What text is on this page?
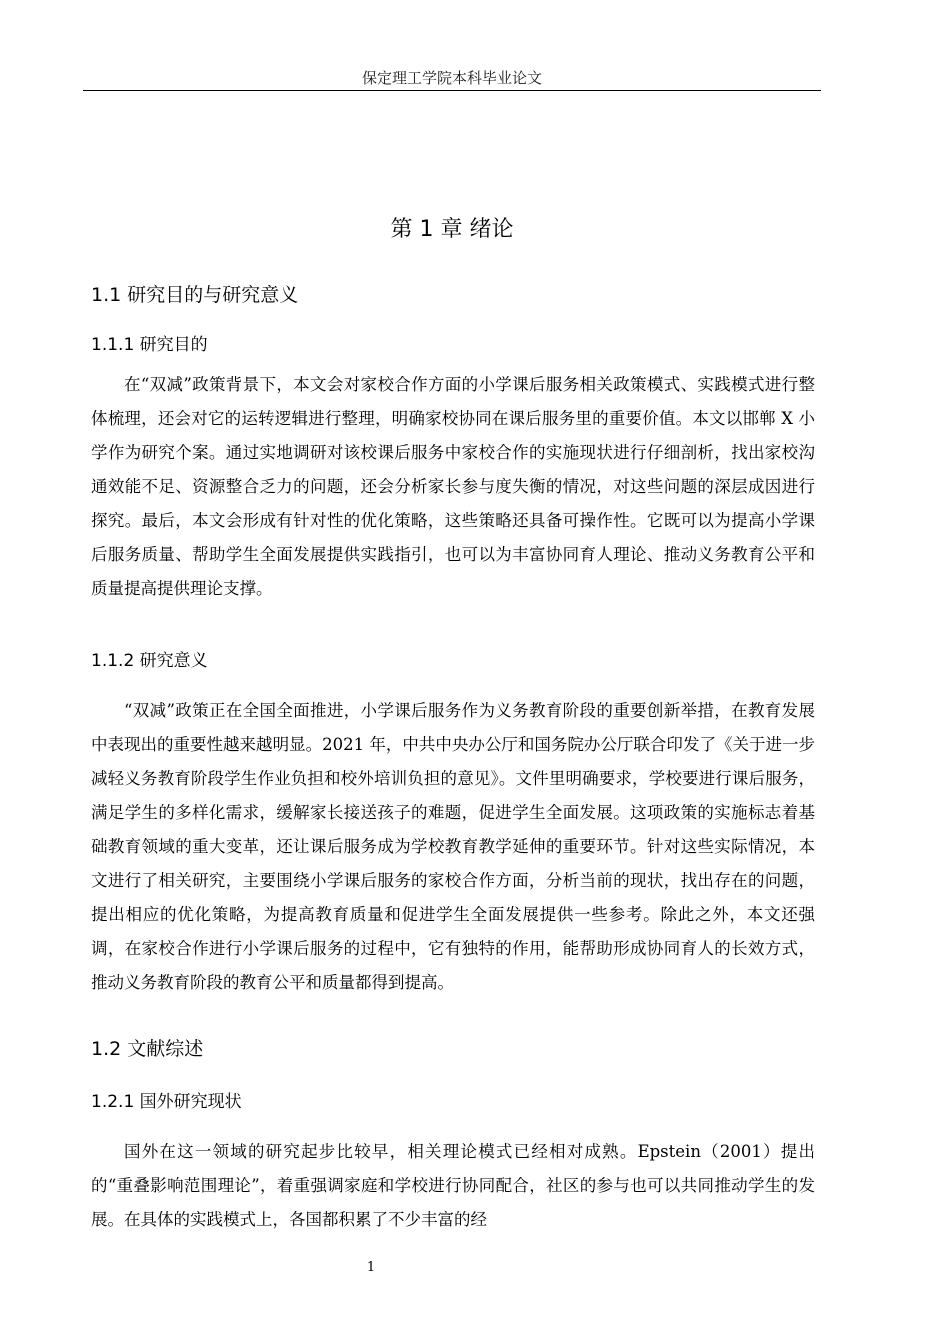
保定理工学院本科毕业论文
第 1 章 绪论
1.1 研究目的与研究意义
1.1.1 研究目的

在“双减”政策背景下，本文会对家校合作方面的小学课后服务相关政策模式、实践模式进行整体梳理，还会对它的运转逻辑进行整理，明确家校协同在课后服务里的重要价值。本文以邯郸 X 小学作为研究个案。通过实地调研对该校课后服务中家校合作的实施现状进行仔细剖析，找出家校沟通效能不足、资源整合乏力的问题，还会分析家长参与度失衡的情况，对这些问题的深层成因进行探究。最后，本文会形成有针对性的优化策略，这些策略还具备可操作性。它既可以为提高小学课后服务质量、帮助学生全面发展提供实践指引，也可以为丰富协同育人理论、推动义务教育公平和质量提高提供理论支撑。

1.1.2 研究意义

“双减”政策正在全国全面推进，小学课后服务作为义务教育阶段的重要创新举措，在教育发展中表现出的重要性越来越明显。2021 年，中共中央办公厅和国务院办公厅联合印发了《关于进一步减轻义务教育阶段学生作业负担和校外培训负担的意见》。文件里明确要求，学校要进行课后服务，满足学生的多样化需求，缓解家长接送孩子的难题，促进学生全面发展。这项政策的实施标志着基础教育领域的重大变革，还让课后服务成为学校教育教学延伸的重要环节。针对这些实际情况，本文进行了相关研究，主要围绕小学课后服务的家校合作方面，分析当前的现状，找出存在的问题，提出相应的优化策略，为提高教育质量和促进学生全面发展提供一些参考。除此之外，本文还强调，在家校合作进行小学课后服务的过程中，它有独特的作用，能帮助形成协同育人的长效方式，推动义务教育阶段的教育公平和质量都得到提高。

1.2 文献综述
1.2.1 国外研究现状

国外在这一领域的研究起步比较早，相关理论模式已经相对成熟。Epstein（2001）提出的“重叠影响范围理论”，着重强调家庭和学校进行协同配合，社区的参与也可以共同推动学生的发展。在具体的实践模式上，各国都积累了不少丰富的经

1
